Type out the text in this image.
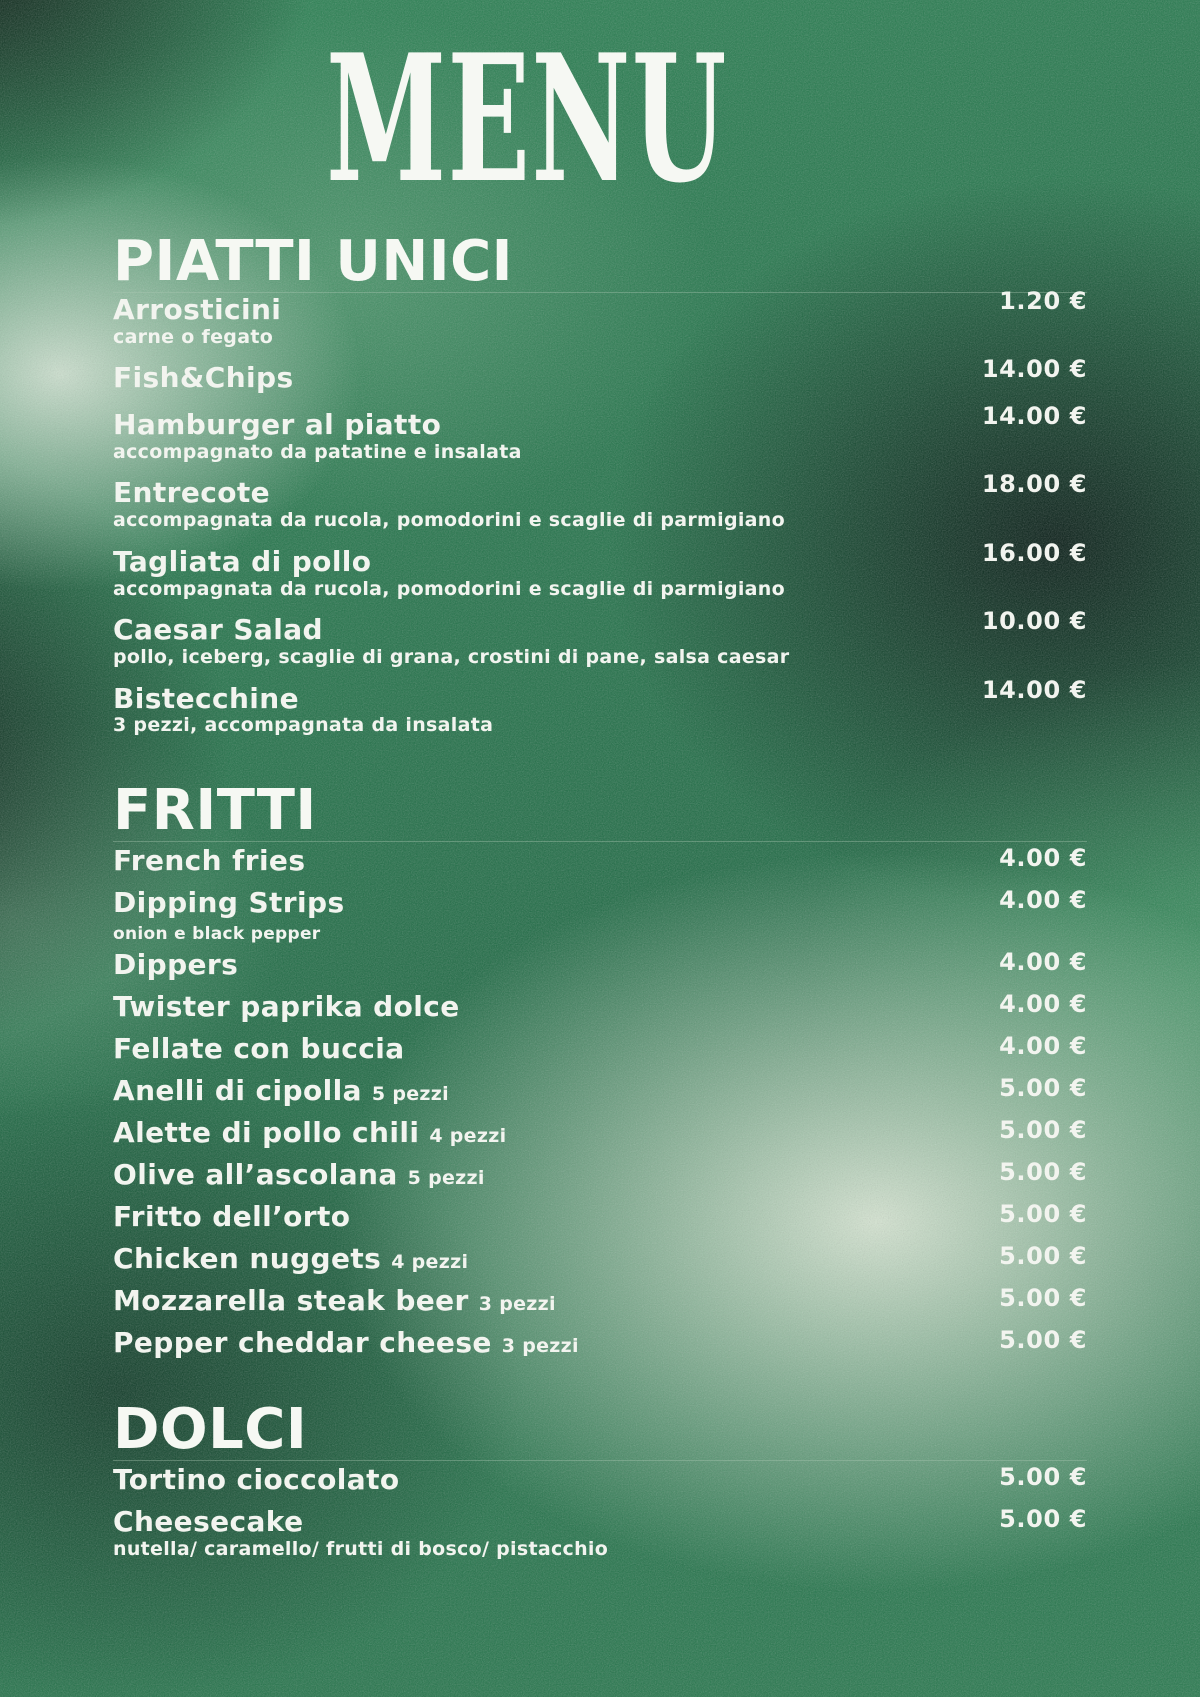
MENU
PIATTI UNICI
Arrosticini	1.20 €
carne o fegato
Fish&Chips	14.00 €
Hamburger al piatto	14.00 €
accompagnato da patatine e insalata
Entrecote	18.00 €
accompagnata da rucola, pomodorini e scaglie di parmigiano
Tagliata di pollo	16.00 €
accompagnata da rucola, pomodorini e scaglie di parmigiano
Caesar Salad	10.00 €
pollo, iceberg, scaglie di grana, crostini di pane, salsa caesar
Bistecchine	14.00 €
3 pezzi, accompagnata da insalata
FRITTI
French fries	4.00 €
Dipping Strips	4.00 €
onion e black pepper
Dippers	4.00 €
Twister paprika dolce	4.00 €
Fellate con buccia	4.00 €
Anelli di cipolla 5 pezzi	5.00 €
Alette di pollo chili 4 pezzi	5.00 €
Olive all’ascolana 5 pezzi	5.00 €
Fritto dell’orto	5.00 €
Chicken nuggets 4 pezzi	5.00 €
Mozzarella steak beer 3 pezzi	5.00 €
Pepper cheddar cheese 3 pezzi	5.00 €
DOLCI
Tortino cioccolato	5.00 €
Cheesecake	5.00 €
nutella/ caramello/ frutti di bosco/ pistacchio
